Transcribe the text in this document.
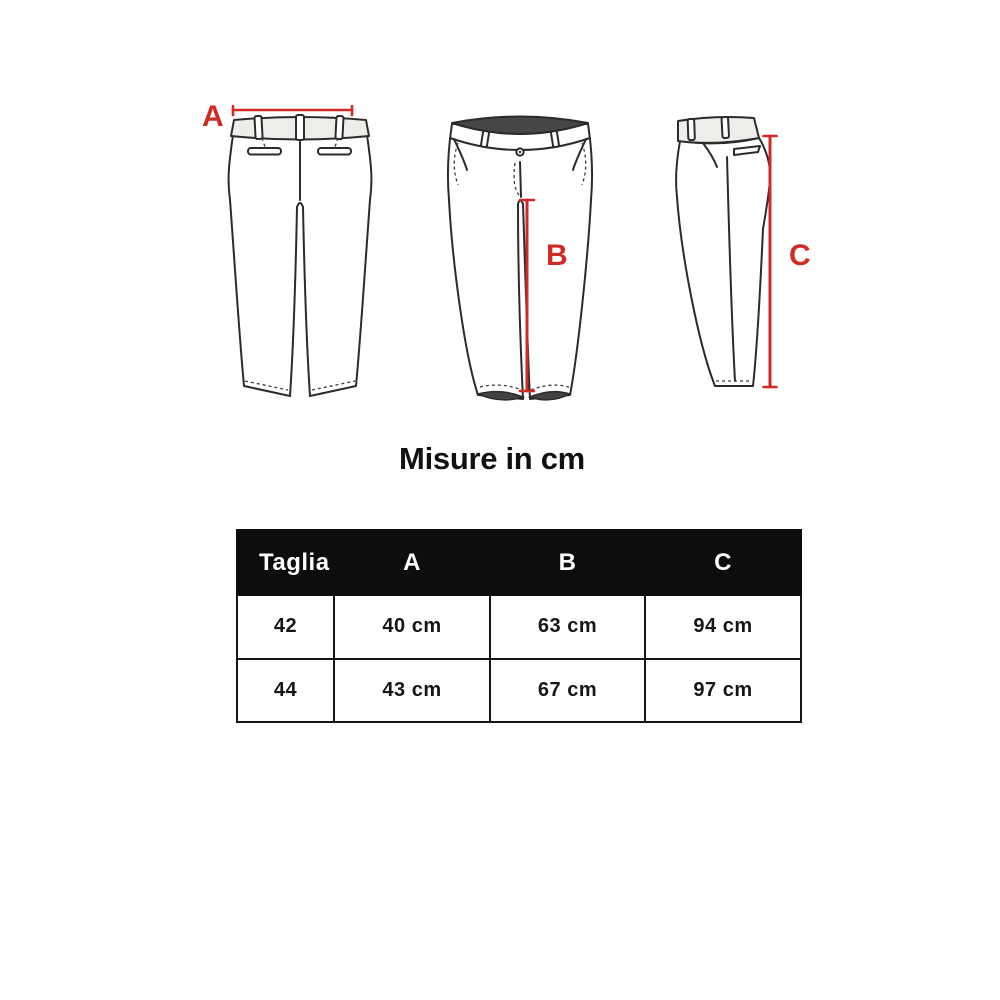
A
B	C
Misure in cm
Taglia	A	B	C
42	40 cm	63 cm	94 cm
44	43 cm	67 cm	97 cm
